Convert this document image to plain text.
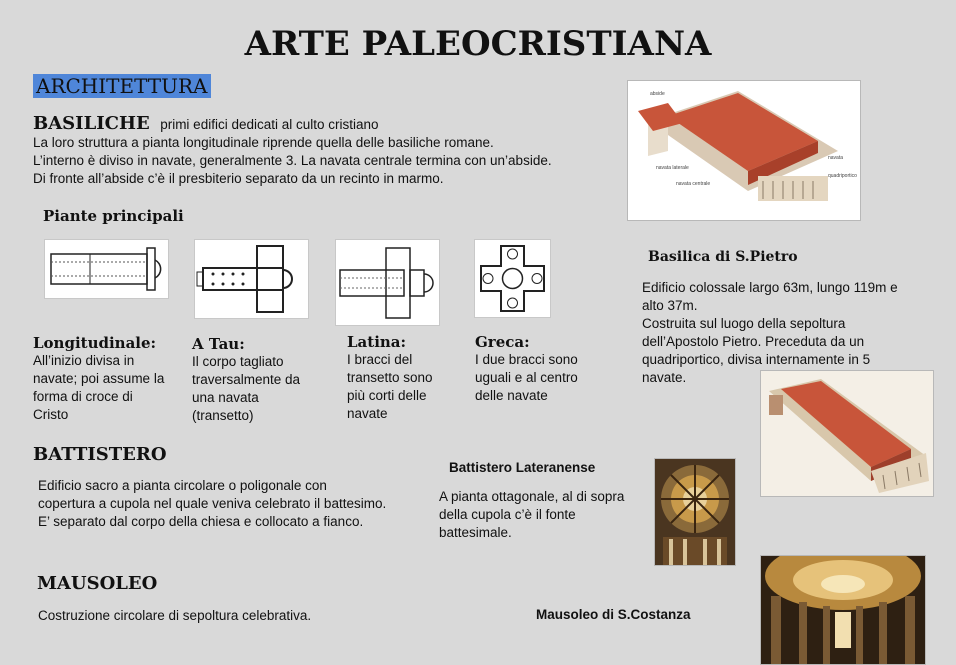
ARTE PALEOCRISTIANA
ARCHITETTURA
BASILICHE primi edifici dedicati al culto cristiano
La loro struttura a pianta longitudinale riprende quella delle basiliche romane.
L’interno è diviso in navate, generalmente 3. La navata centrale termina con un’abside.
Di fronte all’abside c’è il presbiterio separato da un recinto in marmo.
abside
navata
navata laterale
navata centrale
quadriportico
Piante principali
Longitudinale:
All’inizio divisa in
navate; poi assume la
forma di croce di
Cristo
A Tau:
Il corpo tagliato
traversalmente da
una navata
(transetto)
Latina:
I bracci del
transetto sono
più corti delle
navate
Greca:
I due bracci sono
uguali e al centro
delle navate
Basilica di S.Pietro
Edificio colossale largo 63m, lungo 119m e
alto 37m.
Costruita sul luogo della sepoltura
dell’Apostolo Pietro. Preceduta da un
quadriportico, divisa internamente in 5
navate.
BATTISTERO
Edificio sacro a pianta circolare o poligonale con
copertura a cupola nel quale veniva celebrato il battesimo.
E’ separato dal corpo della chiesa e collocato a fianco.
Battistero Lateranense
A pianta ottagonale, al di sopra
della cupola c’è il fonte
battesimale.
MAUSOLEO
Costruzione circolare di sepoltura celebrativa.	Mausoleo di S.Costanza
